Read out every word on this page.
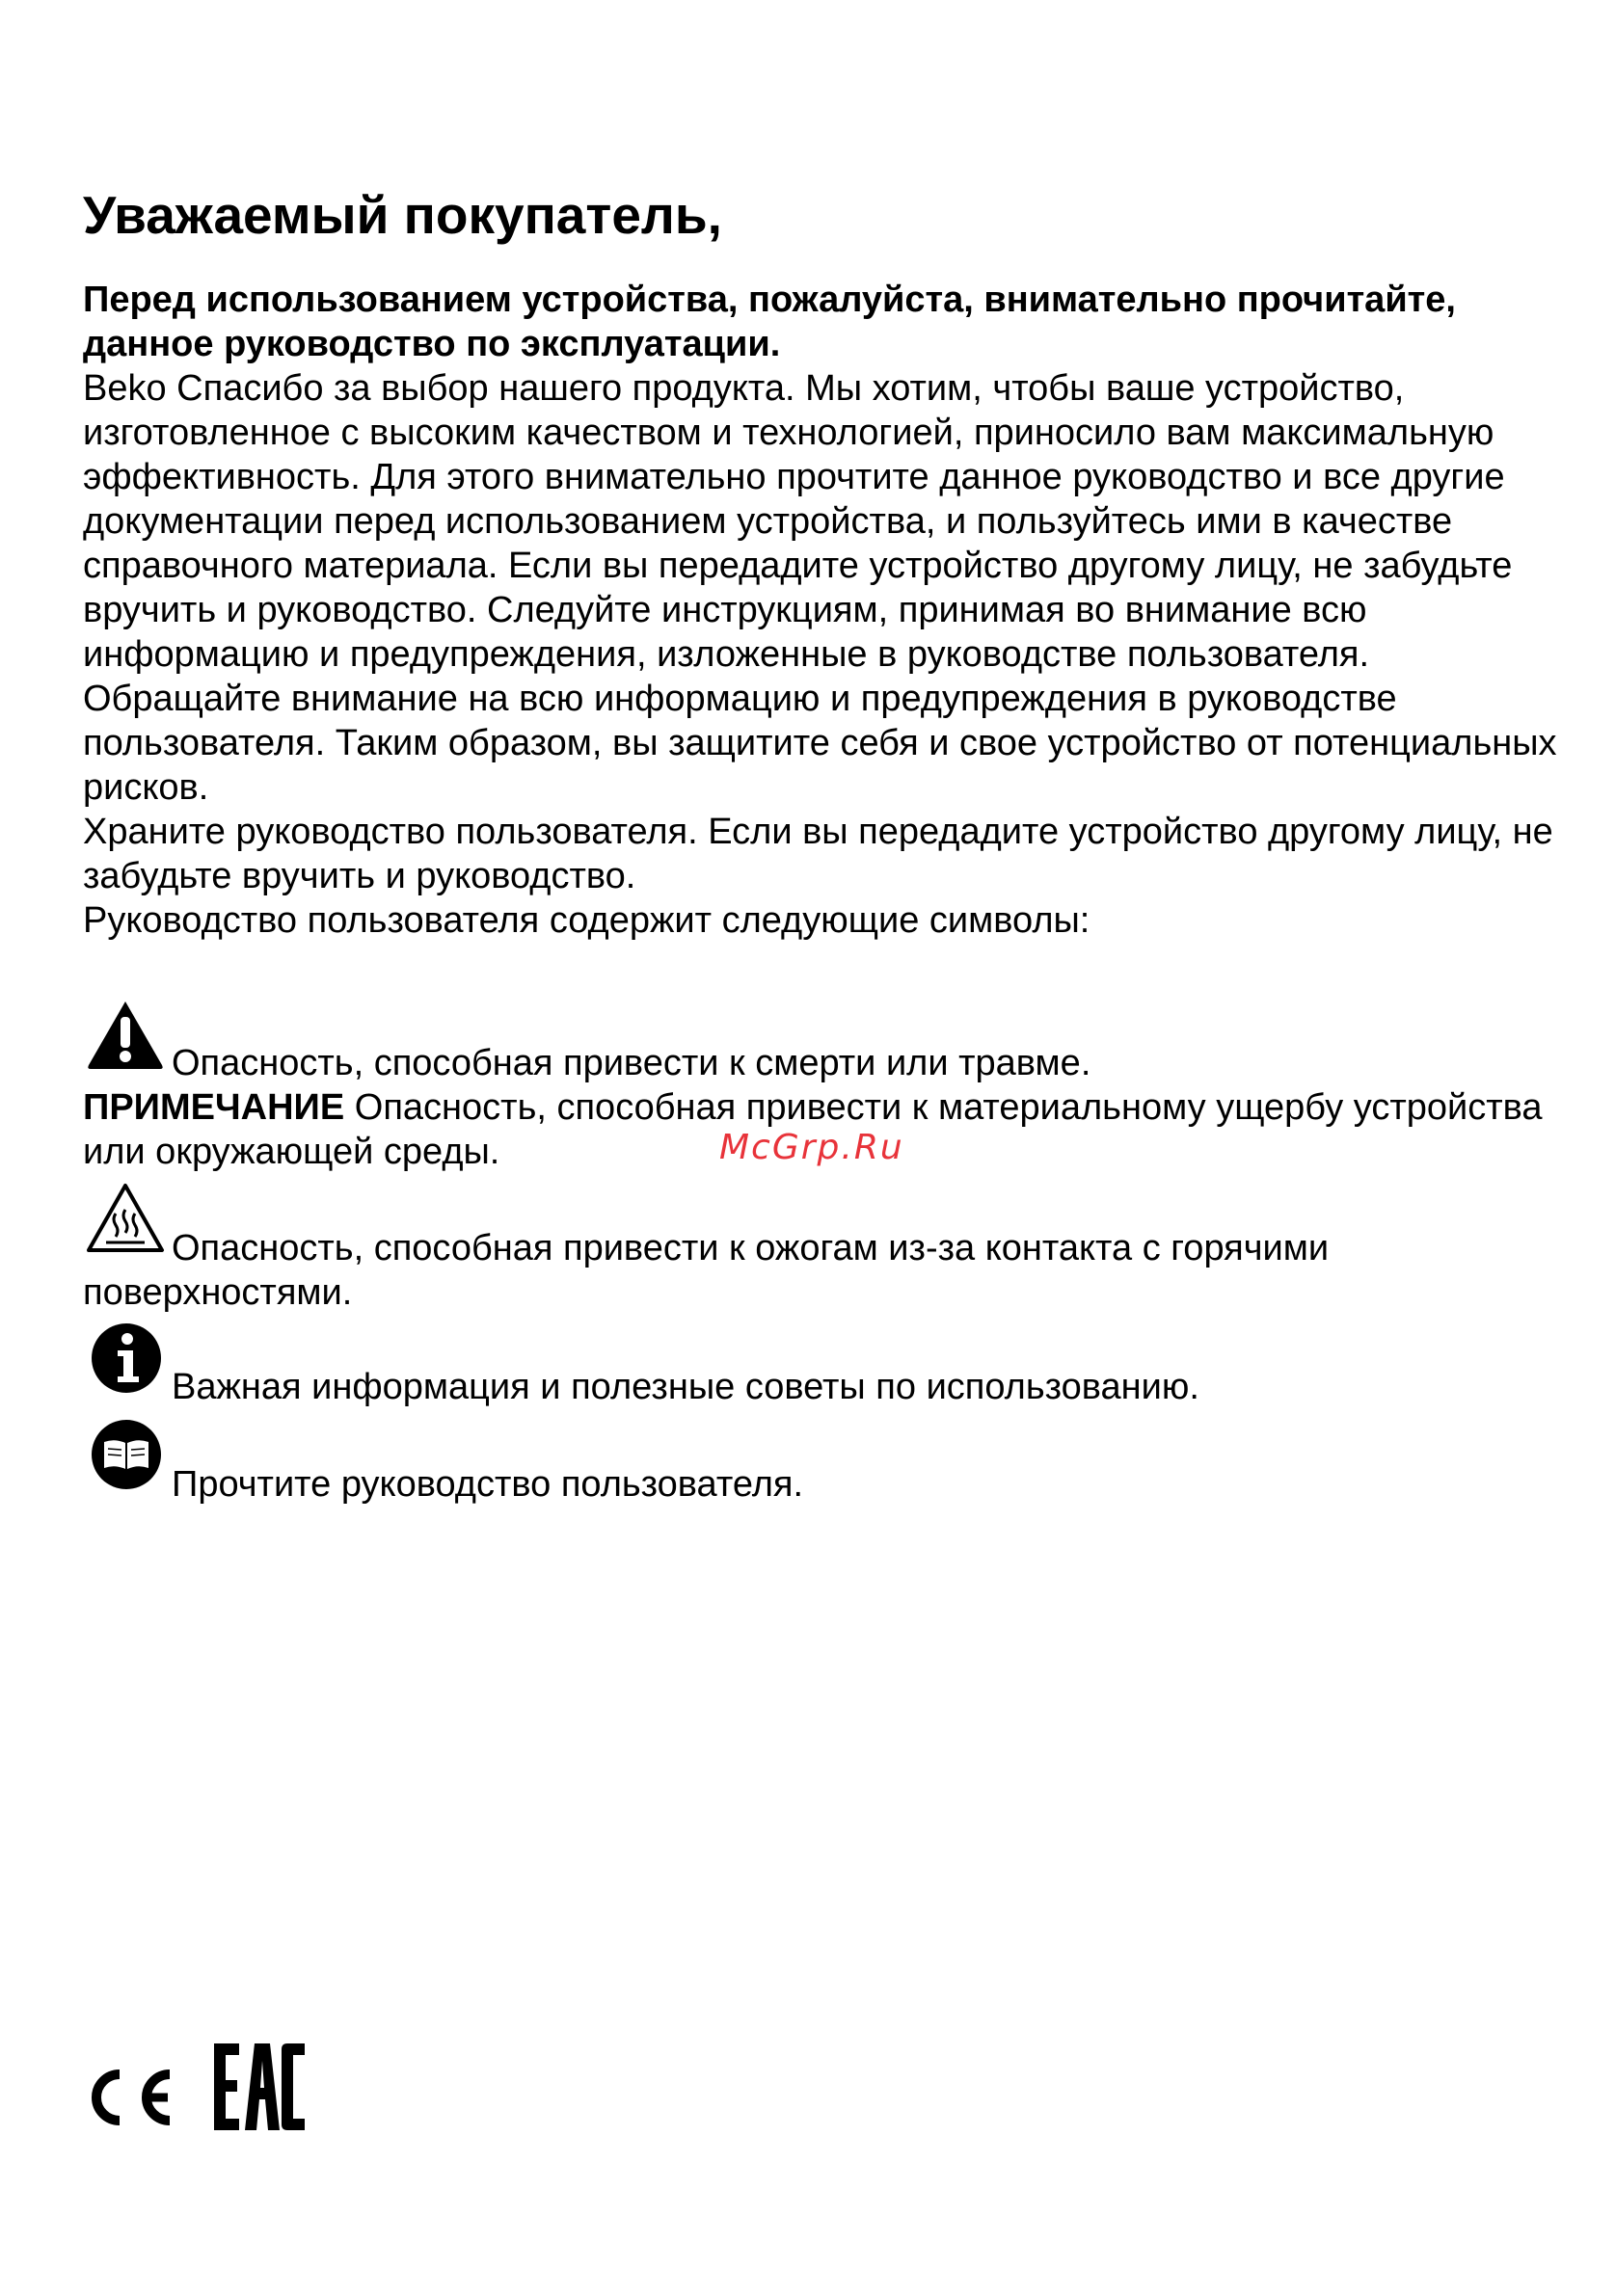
Уважаемый покупатель,

Перед использованием устройства, пожалуйста, внимательно прочитайте, данное руководство по эксплуатации.

Beko Спасибо за выбор нашего продукта. Мы хотим, чтобы ваше устройство, изготовленное с высоким качеством и технологией, приносило вам максимальную эффективность. Для этого внимательно прочтите данное руководство и все другие документации перед использованием устройства, и пользуйтесь ими в качестве справочного материала. Если вы передадите устройство другому лицу, не забудьте вручить и руководство. Следуйте инструкциям, принимая во внимание всю информацию и предупреждения, изложенные в руководстве пользователя.

Обращайте внимание на всю информацию и предупреждения в руководстве пользователя. Таким образом, вы защитите себя и свое устройство от потенциальных рисков.

Храните руководство пользователя. Если вы передадите устройство другому лицу, не забудьте вручить и руководство.

Руководство пользователя содержит следующие символы:

Опасность, способная привести к смерти или травме.

ПРИМЕЧАНИЕ Опасность, способная привести к материальному ущербу устройства или окружающей среды.	McGrp.Ru

Опасность, способная привести к ожогам из-за контакта с горячими поверхностями.

Важная информация и полезные советы по использованию.

Прочтите руководство пользователя.
